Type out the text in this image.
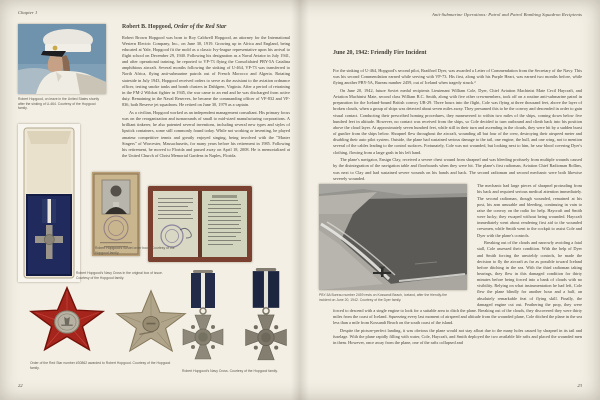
Chapter 1
Robert Hopgood, on leave in the United States shortly after the sinking of U-464. Courtesy of the Hopgood family.
Robert B. Hopgood, Order of the Red Star

Robert Brown Hopgood was born to Roy Caldwell Hopgood, an attorney for the International Western Electric Company, Inc., on June 30, 1919. Growing up in Africa and England, being educated at Yale, Hopgood fit the mold as a classic Ivy-league representative upon his arrival to flight school on December 29, 1940. Following his designation as a Naval Aviator in July 1941, and after operational training, he reported to VP-73 flying the Consolidated PBY-5A Catalina amphibious aircraft. Several months following the sinking of U-464, VP-73 was transferred to North Africa, flying anti-submarine patrols out of French Morocco and Algeria. Rotating stateside in July 1943, Hopgood received orders to serve as the assistant to the aviation ordnance officer, testing smoke tanks and bomb clusters in Dahlgren, Virginia. After a period of retraining in the FM-2 Wildcat fighter in 1945, the war came to an end and he was discharged from active duty. Remaining in the Naval Reserves, he became the commanding officer of VF-832 and VF-836, both Reserve jet squadrons. He retired on June 30, 1979 as a captain.

As a civilian, Hopgood worked as an independent management consultant. His primary focus was on the reorganization and turnarounds of small to mid-sized manufacturing corporations. A brilliant tinkerer, he also patented several inventions, including several new types and styles of lipstick containers, some still commonly found today. While not working or inventing, he played amateur competitive tennis and greatly enjoyed singing, being involved with the "Master Singers" of Worcester, Massachusetts, for many years before his retirement in 1985. Following his retirement, he moved to Florida and passed away on April 18, 2008. He is memorialized at the United Church of Christ Memorial Gardens in Naples, Florida.

Robert Hopgood's Soviet order book. Courtesy of the Hopgood family.
Robert Hopgood's Navy Cross in the original box of issue. Courtesy of the Hopgood family.
Order of the Red Star number #30862 awarded to Robert Hopgood. Courtesy of the Hopgood family.
Robert Hopgood's Navy Cross. Courtesy of the Hopgood family.
22
Anti-Submarine Operations: Patrol and Patrol Bombing Squadron Recipients
June 20, 1942: Friendly Fire Incident

For the sinking of U-464, Hopgood's second pilot, Bradford Dyer, was awarded a Letter of Commendation from the Secretary of the Navy. This was his second Commendation earned while serving with VP-73. His first, along with his Purple Heart, was earned two months before, while flying another PBY-5A, Bureau number 2459, out of Iceland when tragedy struck.³

On June 20, 1942, future Soviet medal recipients Lieutenant William Cole, Dyer, Chief Aviation Machinist Mate Cecil Haycraft, and Aviation Machinist Mate, second class William R.C. Smith, along with five other crewmembers, took off on a routine anti-submarine patrol in preparation for the Iceland-bound British convoy UR-29. Three hours into the flight, Cole was flying at three thousand feet, above the layer of broken clouds, when a group of ships was detected about seven miles away. They presumed this to be the convoy and descended in order to gain visual contact. Conducting their prescribed homing procedures, they maneuvered to within two miles of the ships, coming down below five hundred feet in altitude. However, no contact was received from the ships, so Cole decided to turn outbound and climb back into his position above the cloud layer. At approximately seven hundred feet, while still in their turn and ascending in the clouds, they were hit by a sudden burst of gunfire from the ships below. Shrapnel flew throughout the aircraft, wounding all but four of the crew, destroying their airspeed meter and disabling their auto pilot system. Outside, the plane had sustained serious damage to the tail, one engine, the hull, and one wing, not to mention several of the cables leading to the control surfaces. Fortunately, Cole was not wounded, but looking next to him, he saw blood covering Dyer's clothing, flowing from a large gash in his left hand.

The plane's navigator, Ensign Clay, received a severe chest wound from shrapnel and was bleeding profusely from multiple wounds caused by the disintegration of the navigation table and floorboards when they were hit. The plane's first radioman, Aviation Chief Radioman Rollins, was next to Clay and had sustained severe wounds on his hands and back. The second radioman and second mechanic were both likewise severely wounded.

PBY-5A Bureau number 2459 rests on Kossandi Beach, Iceland, after the friendly-fire incident on June 20, 1942. Courtesy of the Dyer family.

The mechanic had large pieces of shrapnel protruding from his back and required serious medical attention immediately. The second radioman, though wounded, remained at his post, his arm unusable and bleeding, continuing in vain to raise the convoy on the radio for help. Haycraft and Smith were lucky; they escaped without being wounded. Haycraft immediately went about rendering first aid to the wounded crewmen, while Smith went to the cockpit to assist Cole and Dyer with the plane's controls.

Breaking out of the clouds and narrowly avoiding a fatal stall, Cole assessed their condition. With the help of Dyer and Smith forcing the unwieldy controls, he made the decision to fly the aircraft as far as possible toward Iceland before ditching in the sea. With the third radioman taking bearings, they flew in this damaged condition for thirty minutes before being forced into a bank of clouds with no visibility. Relying on what instrumentation he had left, Cole flew the plane blindly for another hour and a half, an absolutely remarkable feat of flying skill. Finally, the damaged engine cut out. Feathering the prop, they were forced to descend with a single engine to look for a suitable area to ditch the plane. Breaking out of the clouds, they discovered they were thirty miles from the coast of Iceland. Squeezing every last moment of airspeed and altitude from the wounded plane, Cole ditched the plane in the sea less than a mile from Kossandi Beach on the south coast of the island.

Despite the picture-perfect landing, it was obvious the plane would not stay afloat due to the many holes caused by shrapnel in its tail and fuselage. With the plane rapidly filling with water, Cole, Haycraft, and Smith deployed the two available life rafts and placed the wounded men in them. However, once away from the plane, one of the rafts collapsed and

23
